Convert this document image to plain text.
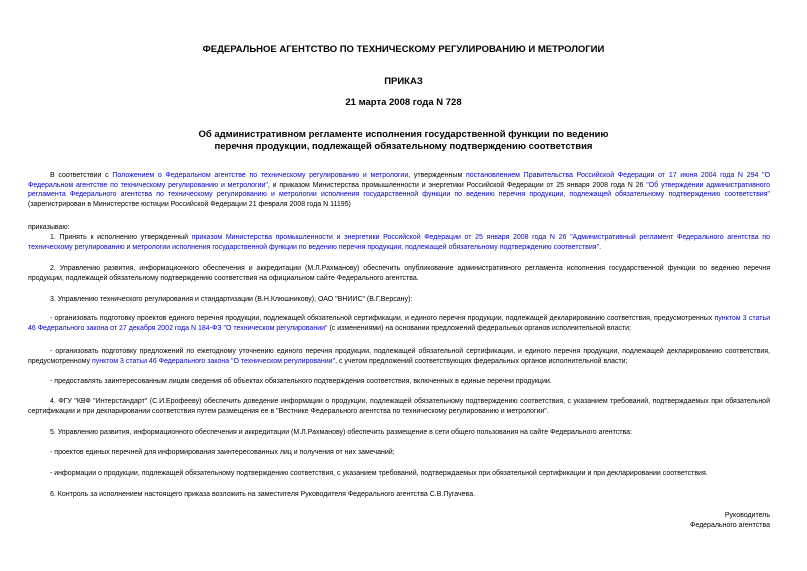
ФЕДЕРАЛЬНОЕ АГЕНТСТВО ПО ТЕХНИЧЕСКОМУ РЕГУЛИРОВАНИЮ И МЕТРОЛОГИИ
ПРИКАЗ
21 марта 2008 года N 728
Об административном регламенте исполнения государственной функции по ведению
перечня продукции, подлежащей обязательному подтверждению соответствия
В соответствии с Положением о Федеральном агентстве по техническому регулированию и метрологии, утвержденным постановлением Правительства Российской Федерации от 17 июня 2004 года N 294 "О Федеральном агентстве по техническому регулированию и метрологии", и приказом Министерства промышленности и энергетики Российской Федерации от 25 января 2008 года N 26 "Об утверждении административного регламента Федерального агентства по техническому регулированию и метрологии исполнения государственной функции по ведению перечня продукции, подлежащей обязательному подтверждению соответствия" (зарегистрирован в Министерстве юстиции Российской Федерации 21 февраля 2008 года N 11195)
приказываю:
1. Принять к исполнению утвержденный приказом Министерства промышленности и энергетики Российской Федерации от 25 января 2008 года N 26 "Административный регламент Федерального агентства по техническому регулированию и метрологии исполнения государственной функции по ведению перечня продукции, подлежащей обязательному подтверждению соответствия".
2. Управлению развития, информационного обеспечения и аккредитации (М.Л.Рахманову) обеспечить опубликование административного регламента исполнения государственной функции по ведению перечня продукции, подлежащей обязательному подтверждению соответствия на официальном сайте Федерального агентства.
3. Управлению технического регулирования и стандартизации (В.Н.Клюшникову), ОАО "ВНИИС" (В.Г.Версану):
- организовать подготовку проектов единого перечня продукции, подлежащей обязательной сертификации, и единого перечня продукции, подлежащей декларированию соответствия, предусмотренных пунктом 3 статьи 46 Федерального закона от 27 декабря 2002 года N 184-ФЗ "О техническом регулировании" (с изменениями) на основании предложений федеральных органов исполнительной власти;
- организовать подготовку предложений по ежегодному уточнению единого перечня продукции, подлежащей обязательной сертификации, и единого перечня продукции, подлежащей декларированию соответствия, предусмотренному пунктом 3 статьи 46 Федерального закона "О техническом регулировании", с учетом предложений соответствующих федеральных органов исполнительной власти;
- предоставлять заинтересованным лицам сведения об объектах обязательного подтверждения соответствия, включенных в единые перечни продукции.
4. ФГУ "КВФ "Интерстандарт" (С.И.Ерофееву) обеспечить доведение информации о продукции, подлежащей обязательному подтверждению соответствия, с указанием требований, подтверждаемых при обязательной сертификации и при декларировании соответствия путем размещения ее в "Вестнике Федерального агентства по техническому регулированию и метрологии".
5. Управлению развития, информационного обеспечения и аккредитации (М.Л.Рахманову) обеспечить размещение в сети общего пользования на сайте Федерального агентства:
- проектов единых перечней для информирования заинтересованных лиц и получения от них замечаний;
- информации о продукции, подлежащей обязательному подтверждению соответствия, с указанием требований, подтверждаемых при обязательной сертификации и при декларировании соответствия.
6. Контроль за исполнением настоящего приказа возложить на заместителя Руководителя Федерального агентства С.В.Пугачева.
Руководитель
Федерального агентства
